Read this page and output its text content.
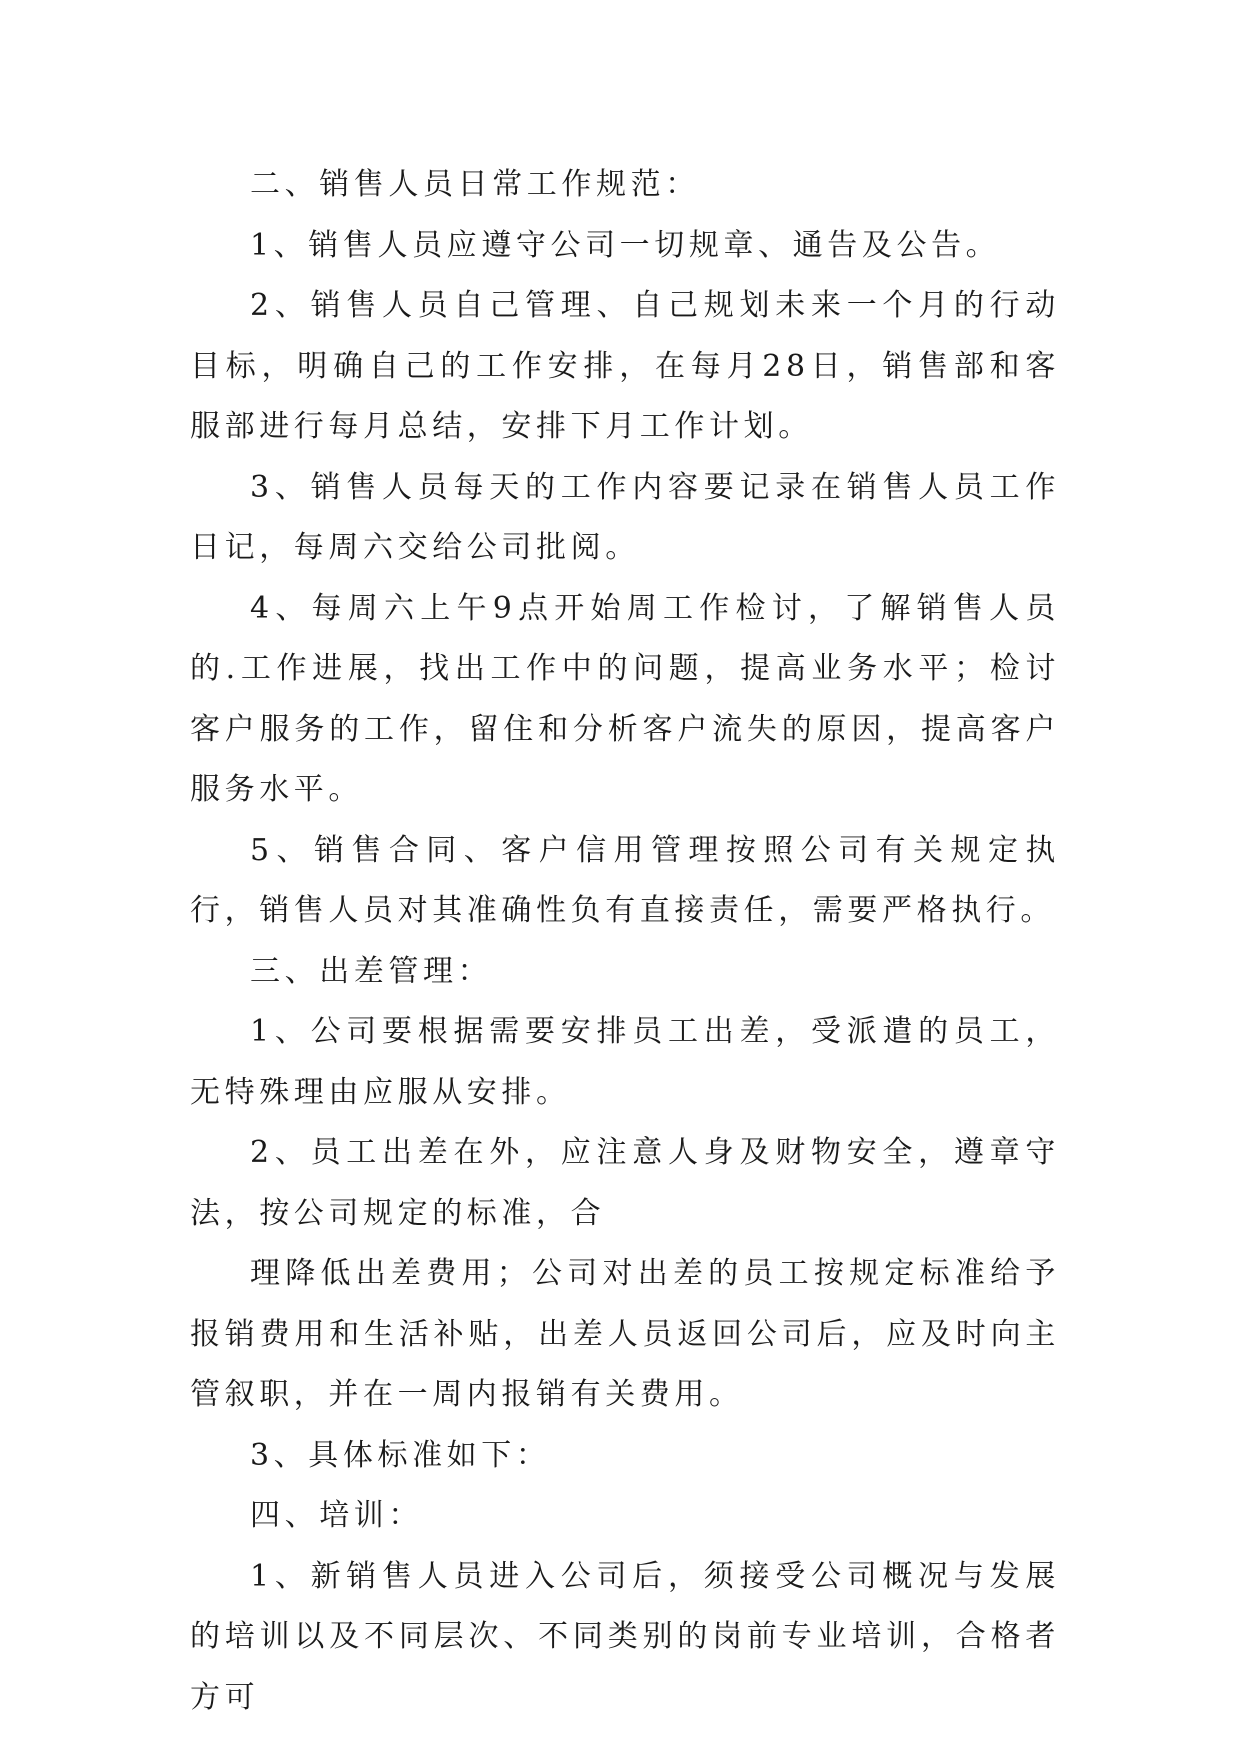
二、销售人员日常工作规范：

1、销售人员应遵守公司一切规章、通告及公告。

2、销售人员自己管理、自己规划未来一个月的行动目标，明确自己的工作安排，在每月28日，销售部和客服部进行每月总结，安排下月工作计划。

3、销售人员每天的工作内容要记录在销售人员工作日记，每周六交给公司批阅。

4、每周六上午9点开始周工作检讨，了解销售人员的.工作进展，找出工作中的问题，提高业务水平；检讨客户服务的工作，留住和分析客户流失的原因，提高客户服务水平。

5、销售合同、客户信用管理按照公司有关规定执行，销售人员对其准确性负有直接责任，需要严格执行。

三、出差管理：

1、公司要根据需要安排员工出差，受派遣的员工，无特殊理由应服从安排。

2、员工出差在外，应注意人身及财物安全，遵章守法，按公司规定的标准，合

理降低出差费用；公司对出差的员工按规定标准给予报销费用和生活补贴，出差人员返回公司后，应及时向主管叙职，并在一周内报销有关费用。

3、具体标准如下：

四、培训：

1、新销售人员进入公司后，须接受公司概况与发展的培训以及不同层次、不同类别的岗前专业培训，合格者方可
